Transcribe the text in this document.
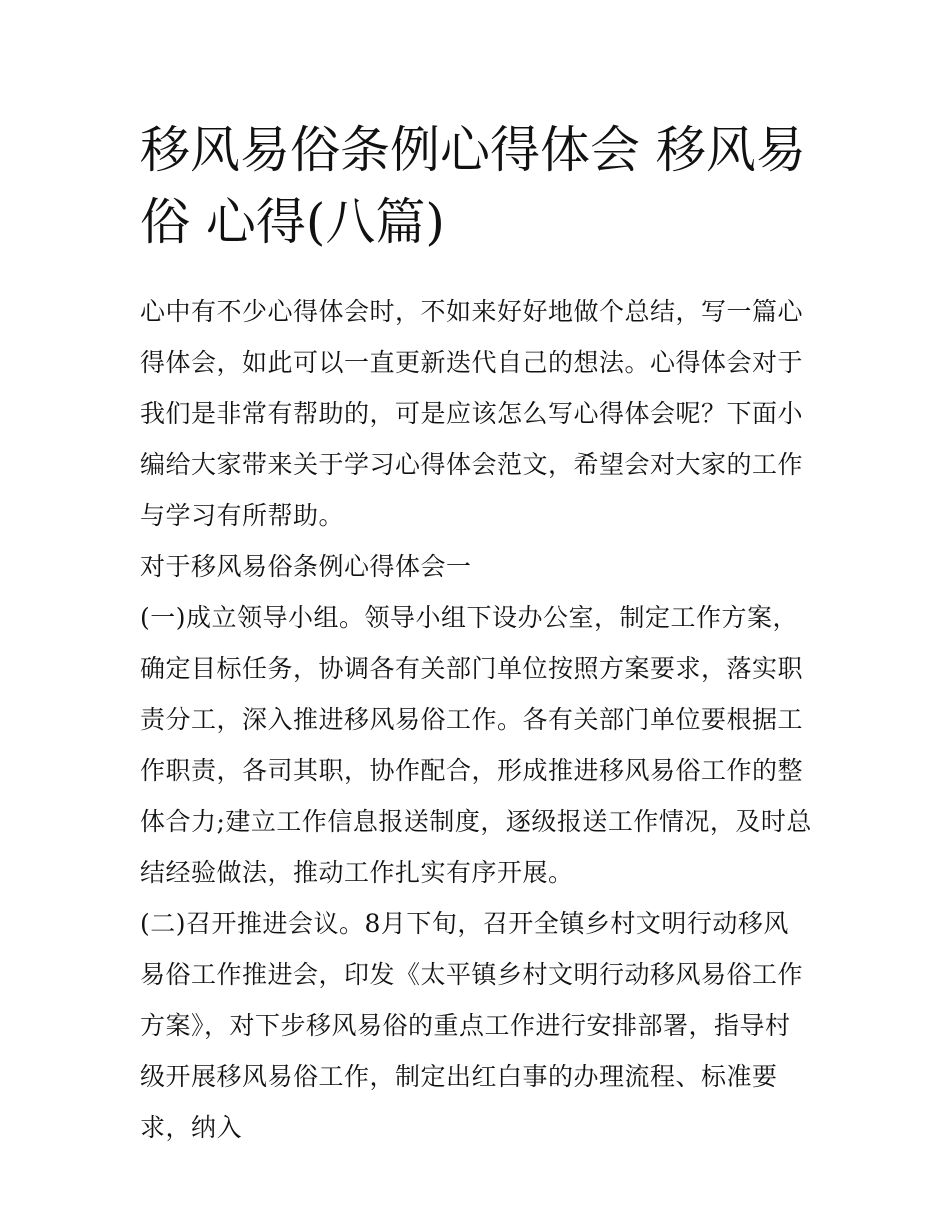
移风易俗条例心得体会 移风易俗 心得(八篇)

心中有不少心得体会时，不如来好好地做个总结，写一篇心得体会，如此可以一直更新迭代自己的想法。心得体会对于我们是非常有帮助的，可是应该怎么写心得体会呢？下面小编给大家带来关于学习心得体会范文，希望会对大家的工作与学习有所帮助。

对于移风易俗条例心得体会一

(一)成立领导小组。领导小组下设办公室，制定工作方案，确定目标任务，协调各有关部门单位按照方案要求，落实职责分工，深入推进移风易俗工作。各有关部门单位要根据工作职责，各司其职，协作配合，形成推进移风易俗工作的整体合力;建立工作信息报送制度，逐级报送工作情况，及时总结经验做法，推动工作扎实有序开展。

(二)召开推进会议。8月下旬，召开全镇乡村文明行动移风易俗工作推进会，印发《太平镇乡村文明行动移风易俗工作方案》，对下步移风易俗的重点工作进行安排部署，指导村级开展移风易俗工作，制定出红白事的办理流程、标准要求，纳入
